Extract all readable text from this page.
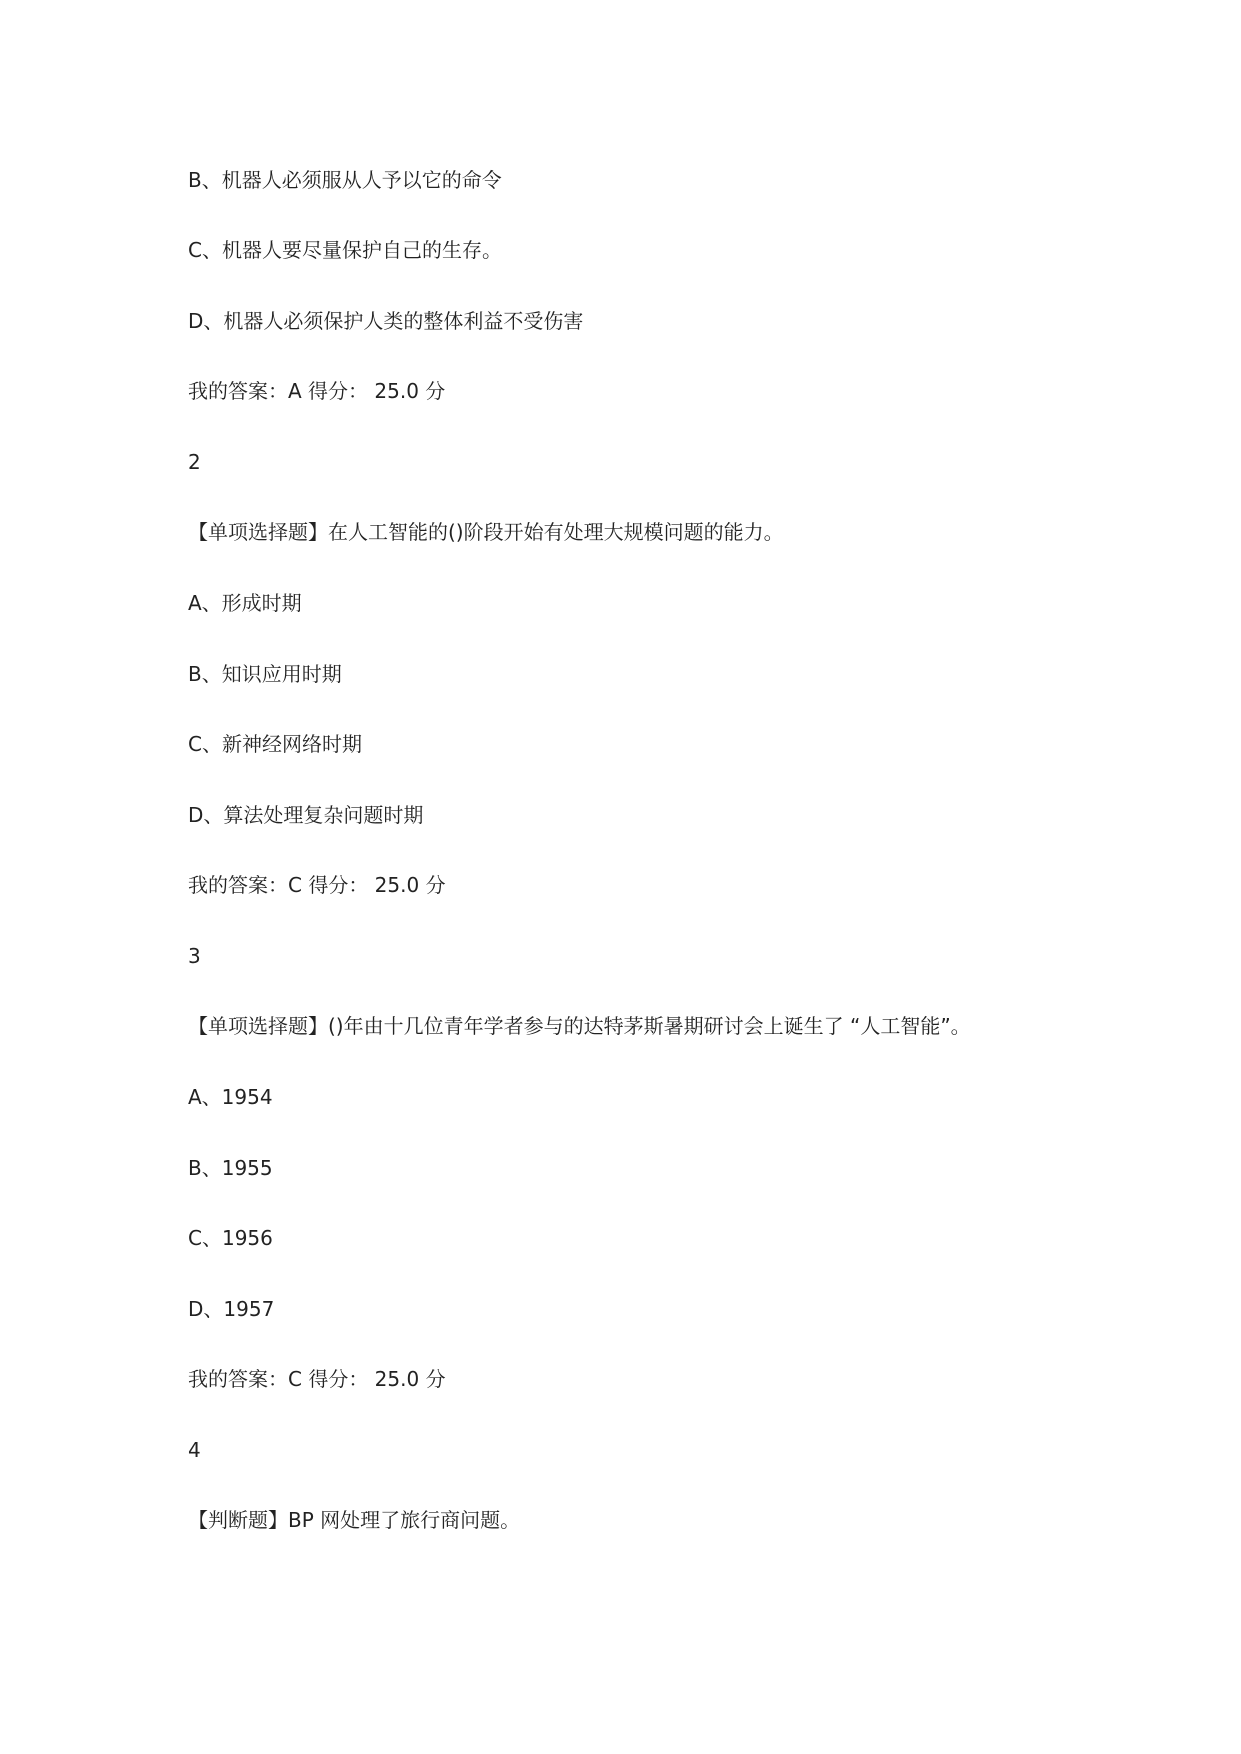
B、机器人必须服从人予以它的命令
C、机器人要尽量保护自己的生存。
D、机器人必须保护人类的整体利益不受伤害
我的答案：A 得分： 25.0 分
2
【单项选择题】在人工智能的()阶段开始有处理大规模问题的能力。
A、形成时期
B、知识应用时期
C、新神经网络时期
D、算法处理复杂问题时期
我的答案：C 得分： 25.0 分
3
【单项选择题】()年由十几位青年学者参与的达特茅斯暑期研讨会上诞生了 “人工智能”。
A、1954
B、1955
C、1956
D、1957
我的答案：C 得分： 25.0 分
4
【判断题】BP 网处理了旅行商问题。
